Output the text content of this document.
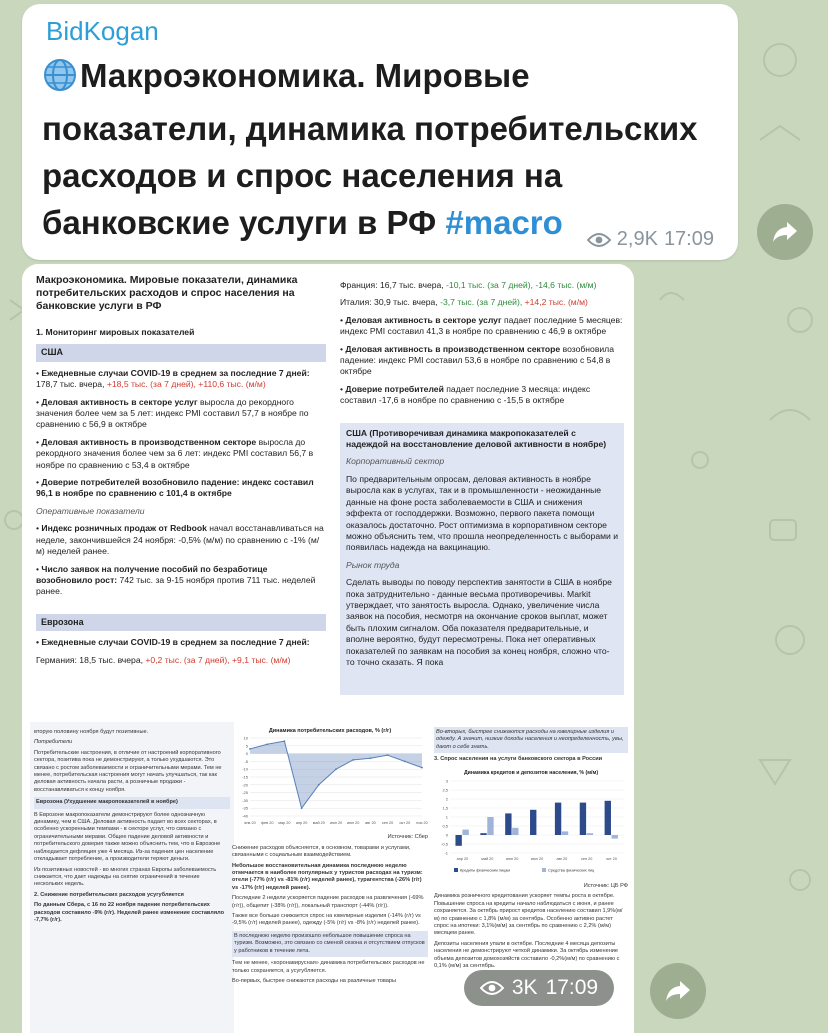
BidKogan
Макроэкономика. Мировые показатели, динамика потребительских расходов и спрос населения на банковские услуги в РФ #macro	2,9K 17:09
Макроэкономика. Мировые показатели, динамика потребительских расходов и спрос населения на банковские услуги в РФ
1. Мониторинг мировых показателей
США
• Ежедневные случаи COVID-19 в среднем за последние 7 дней: 178,7 тыс. вчера, +18,5 тыс. (за 7 дней), +110,6 тыс. (м/м)
• Деловая активность в секторе услуг выросла до рекордного значения более чем за 5 лет: индекс PMI составил 57,7 в ноябре по сравнению с 56,9 в октябре
• Деловая активность в производственном секторе выросла до рекордного значения более чем за 6 лет: индекс PMI составил 56,7 в ноябре по сравнению с 53,4 в октябре
• Доверие потребителей возобновило падение: индекс составил 96,1 в ноябре по сравнению с 101,4 в октябре
Оперативные показатели
• Индекс розничных продаж от Redbook начал восстанавливаться на неделе, закончившейся 24 ноября: -0,5% (м/м) по сравнению с -1% (м/м) неделей ранее.
• Число заявок на получение пособий по безработице возобновило рост: 742 тыс. за 9-15 ноября против 711 тыс. неделей ранее.
Еврозона
• Ежедневные случаи COVID-19 в среднем за последние 7 дней:
Германия: 18,5 тыс. вчера, +0,2 тыс. (за 7 дней), +9,1 тыс. (м/м)
Франция: 16,7 тыс. вчера, -10,1 тыс. (за 7 дней), -14,6 тыс. (м/м)
Италия: 30,9 тыс. вчера, -3,7 тыс. (за 7 дней), +14,2 тыс. (м/м)
• Деловая активность в секторе услуг падает последние 5 месяцев: индекс PMI составил 41,3 в ноябре по сравнению с 46,9 в октябре
• Деловая активность в производственном секторе возобновила падение: индекс PMI составил 53,6 в ноябре по сравнению с 54,8 в октябре
• Доверие потребителей падает последние 3 месяца: индекс составил -17,6 в ноябре по сравнению с -15,5 в октябре
США (Противоречивая динамика макропоказателей с надеждой на восстановление деловой активности в ноябре)
Корпоративный сектор
По предварительным опросам, деловая активность в ноябре выросла как в услугах, так и в промышленности - неожиданные данные на фоне роста заболеваемости в США и снижения эффекта от господдержки. Возможно, первого пакета помощи оказалось достаточно. Рост оптимизма в корпоративном секторе можно объяснить тем, что прошла неопределенность с выборами и появилась надежда на вакцинацию.
Рынок труда
Сделать выводы по поводу перспектив занятости в США в ноябре пока затруднительно - данные весьма противоречивы. Markit утверждает, что занятость выросла. Однако, увеличение числа заявок на пособия, несмотря на окончание сроков выплат, может быть плохим сигналом. Оба показателя предварительные, и вполне вероятно, будут пересмотрены. Пока нет оперативных показателей по заявкам на пособия за конец ноября, сложно что-то точно сказать. Я пока

вторую половину ноября будут позитивные.

Потребители

Потребительские настроения, в отличие от настроений корпоративного сектора, позитива пока не демонстрируют, а только ухудшаются. Это связано с ростом заболеваемости и ограничительными мерами. Тем не менее, потребительская настроения могут начать улучшаться, так как деловая активность начала расти, а розничные продажи - восстанавливаться к концу ноября.

Еврозона (Ухудшение макропоказателей в ноябре)

В Еврозоне макропоказатели демонстрируют более однозначную динамику, чем в США. Деловая активность падает во всех секторах, в особенно ускоренными темпами - в секторе услуг, что связано с ограничительными мерами. Общее падение деловой активности и потребительского доверия также можно объяснить тем, что в Еврозоне наблюдается дефляция уже 4 месяца. Из-за падения цен население откладывает потребление, а производители теряют деньги.

Из позитивных новостей - во многих странах Европы заболеваемость снижается, что дает надежды на снятие ограничений в течение нескольких недель.

2. Снижение потребительских расходов усугубляется

По данным Сбера, с 16 по 22 ноября падение потребительских расходов составило -9% (г/г). Неделей ранее изменение составляло -7,7% (г/г).

Динамика потребительских расходов, % (г/г)
10
5
0
-5
-10
-15
-20
-25
-30
-35
-40
янв 20 фев 20 мар 20 апр 20 май 20 июн 20 июл 20 авг 20 сен 20 окт 20 ноя 20

Источник: Сбер

Снижение расходов объясняется, в основном, товарами и услугами, связанными с социальным взаимодействием.

Небольшое восстановительная динамика последнюю неделю отмечается в наиболее популярных у туристов расходах на туризм: отели (-77% (г/г) vs -81% (г/г) неделей ранее), турагентства (-26% (г/г) vs -17% (г/г) неделей ранее).

Последние 2 недели ускоряется падение расходов на развлечения (-69% (г/г)), общепит (-38% (г/г)), локальный транспорт (-44% (г/г)).

Также все больше снижается спрос на ювелирные изделия (-14% (г/г) vs -9,5% (г/г) неделей ранее), одежду (-5% (г/г) vs -8% (г/г) неделей ранее).

В последнюю неделю произошло небольшое повышение спроса на туризм. Возможно, это связано со сменой сезона и отсутствием отпусков у работников в течение лета.

Тем не менее, «коронавирусная» динамика потребительских расходов не только сохраняется, а усугубляется.

Во-первых, быстрее снижаются расходы на различные товары

Во-вторых, быстрее снижаются расходы на ювелирные изделия и одежду. А значит, низкие доходы населения и неопределенность, увы, дают о себе знать.

3. Спрос населения на услуги банковского сектора в России

Динамика кредитов и депозитов населения, % (м/м)
3
2,5
2
1,5
1
0,5
0
-0,5
-1
апр 20	май 20	июн 20	июл 20	авг 20	сен 20	окт 20
Кредиты физическим лицам	Средства физических лиц

Источник: ЦБ РФ

Динамика розничного кредитования ускоряет темпы роста в октябре. Повышение спроса на кредиты начало наблюдаться с июня, и ранее сохраняется. За октябрь прирост кредитов населению составил 1,9%(м/м) по сравнению с 1,8% (м/м) за сентябрь. Особенно активно растет спрос на ипотеки: 3,1%(м/м) за сентябрь по сравнению с 2,2% (м/м) месяцем ранее.

Депозиты населения упали в октябре. Последние 4 месяца депозиты населения не демонстрируют четкой динамики. За октябрь изменение объема депозитов домохозяйств составило -0,2%(м/м) по сравнению с 0,1% (м/м) за сентябрь.

3K 17:09
